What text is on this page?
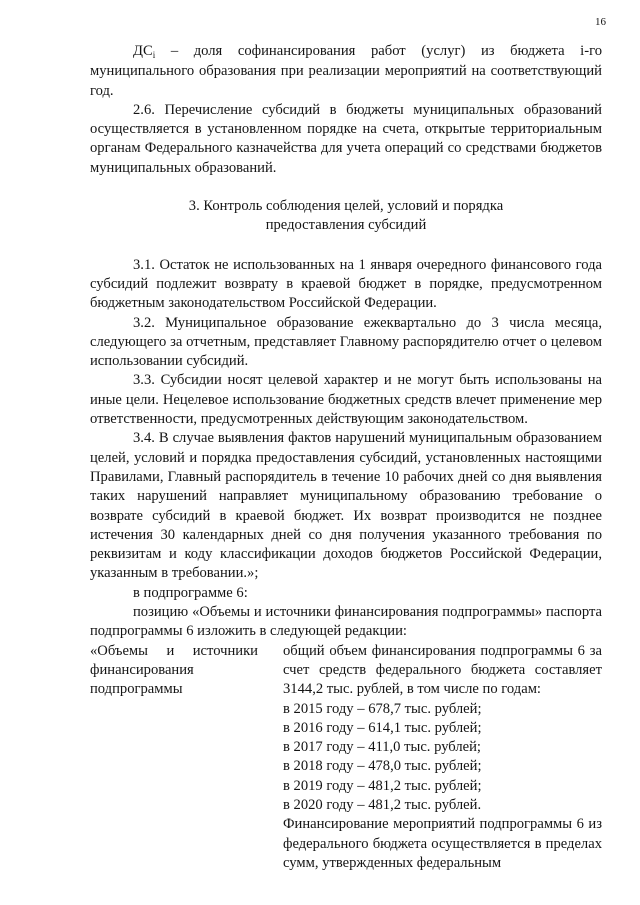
16

$ДС_i$ – доля софинансирования работ (услуг) из бюджета i-го муниципального образования при реализации мероприятий на соответствующий год.

2.6. Перечисление субсидий в бюджеты муниципальных образований осуществляется в установленном порядке на счета, открытые территориальным органам Федерального казначейства для учета операций со средствами бюджетов муниципальных образований.

3. Контроль соблюдения целей, условий и порядка
предоставления субсидий

3.1. Остаток не использованных на 1 января очередного финансового года субсидий подлежит возврату в краевой бюджет в порядке, предусмотренном бюджетным законодательством Российской Федерации.

3.2. Муниципальное образование ежеквартально до 3 числа месяца, следующего за отчетным, представляет Главному распорядителю отчет о целевом использовании субсидий.

3.3. Субсидии носят целевой характер и не могут быть использованы на иные цели. Нецелевое использование бюджетных средств влечет применение мер ответственности, предусмотренных действующим законодательством.

3.4. В случае выявления фактов нарушений муниципальным образованием целей, условий и порядка предоставления субсидий, установленных настоящими Правилами, Главный распорядитель в течение 10 рабочих дней со дня выявления таких нарушений направляет муниципальному образованию требование о возврате субсидий в краевой бюджет. Их возврат производится не позднее истечения 30 календарных дней со дня получения указанного требования по реквизитам и коду классификации доходов бюджетов Российской Федерации, указанным в требовании.»;

в подпрограмме 6:

позицию «Объемы и источники финансирования подпрограммы» паспорта подпрограммы 6 изложить в следующей редакции:

«Объемы и источники финансирования подпрограммы

общий объем финансирования подпрограммы 6 за счет средств федерального бюджета составляет 3144,2 тыс. рублей, в том числе по годам:

в 2015 году – 678,7 тыс. рублей;
в 2016 году – 614,1 тыс. рублей;
в 2017 году – 411,0 тыс. рублей;
в 2018 году – 478,0 тыс. рублей;
в 2019 году – 481,2 тыс. рублей;
в 2020 году – 481,2 тыс. рублей.

Финансирование мероприятий подпрограммы 6 из федерального бюджета осуществляется в пределах сумм, утвержденных федеральным
